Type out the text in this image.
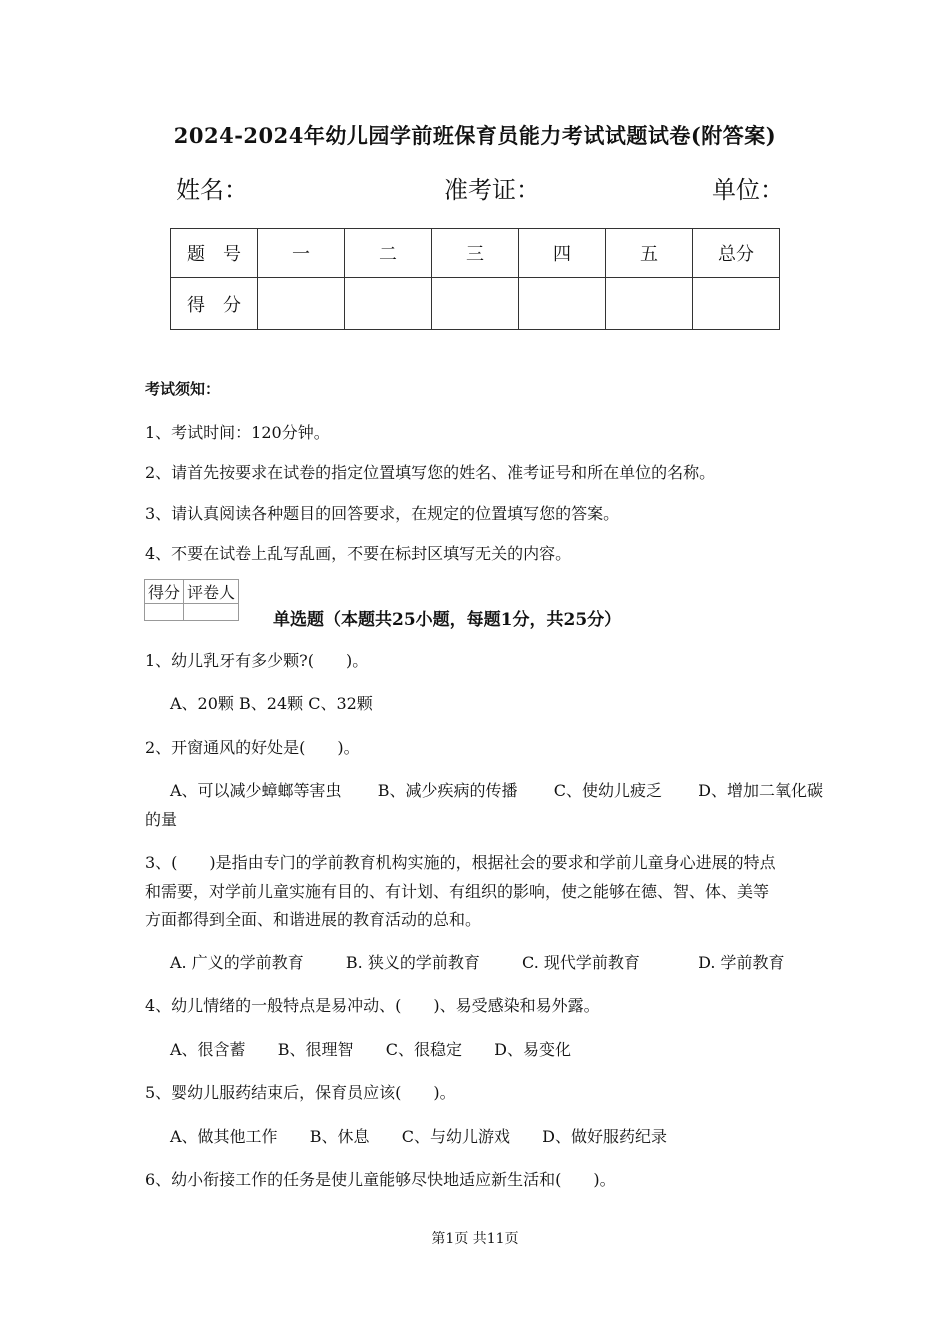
2024-2024年幼儿园学前班保育员能力考试试题试卷(附答案)
姓名：	准考证：	单位：
题　号	一	二	三	四	五	总分
得　分						
考试须知：
1、考试时间：120分钟。
2、请首先按要求在试卷的指定位置填写您的姓名、准考证号和所在单位的名称。
3、请认真阅读各种题目的回答要求，在规定的位置填写您的答案。
4、不要在试卷上乱写乱画，不要在标封区填写无关的内容。
得分	评卷人

单选题（本题共25小题，每题1分，共25分）
1、幼儿乳牙有多少颗?(　　)。
A、20颗 B、24颗 C、32颗
2、开窗通风的好处是(　　)。
A、可以减少蟑螂等害虫 B、减少疾病的传播 C、使幼儿疲乏 D、增加二氧化碳
的量
3、(　　)是指由专门的学前教育机构实施的，根据社会的要求和学前儿童身心进展的特点
和需要，对学前儿童实施有目的、有计划、有组织的影响，使之能够在德、智、体、美等
方面都得到全面、和谐进展的教育活动的总和。
A. 广义的学前教育	B. 狭义的学前教育	C. 现代学前教育	D. 学前教育
4、幼儿情绪的一般特点是易冲动、(　　)、易受感染和易外露。
A、很含蓄 B、很理智 C、很稳定 D、易变化
5、婴幼儿服药结束后，保育员应该(　　)。
A、做其他工作 B、休息 C、与幼儿游戏 D、做好服药纪录
6、幼小衔接工作的任务是使儿童能够尽快地适应新生活和(　　)。
第1页 共11页
